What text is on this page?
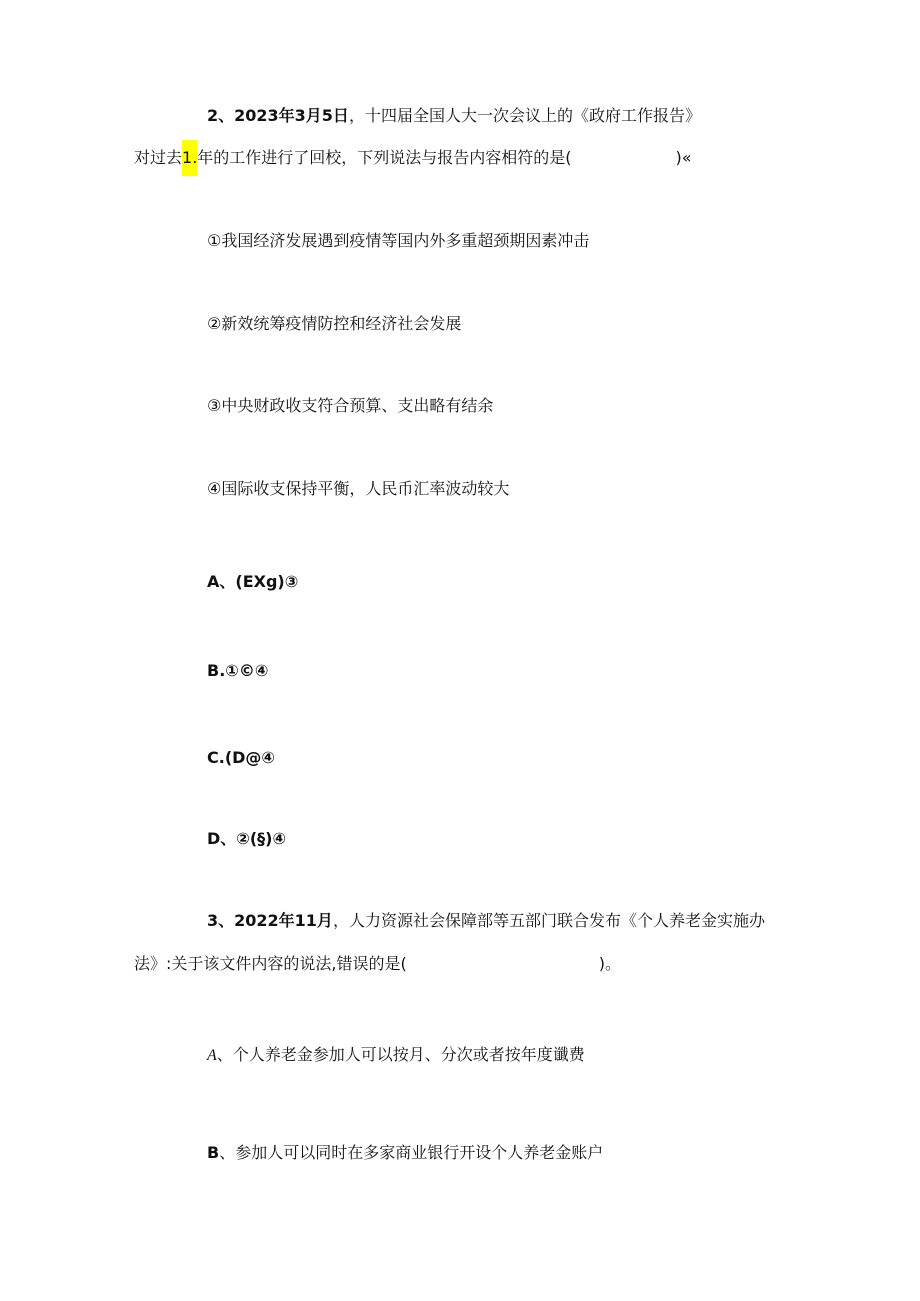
2、2023年3月5日，十四届全国人大一次会议上的《政府工作报告》
对过去1.年的工作进行了回校，下列说法与报告内容相符的是(	)«
①我国经济发展遇到疫情等国内外多重超颈期因素冲击
②新效统筹疫情防控和经济社会发展
③中央财政收支符合预算、支出略有结余
④国际收支保持平衡，人民币汇率波动较大
A、(EXg)③
B.①©④
C.(D@④
D、②(§)④
3、2022年11月，人力资源社会保障部等五部门联合发布《个人养老金实施办
法》:关于该文件内容的说法,错误的是(	)。
A、个人养老金参加人可以按月、分次或者按年度谶费
B、参加人可以同时在多家商业银行开设个人养老金账户
